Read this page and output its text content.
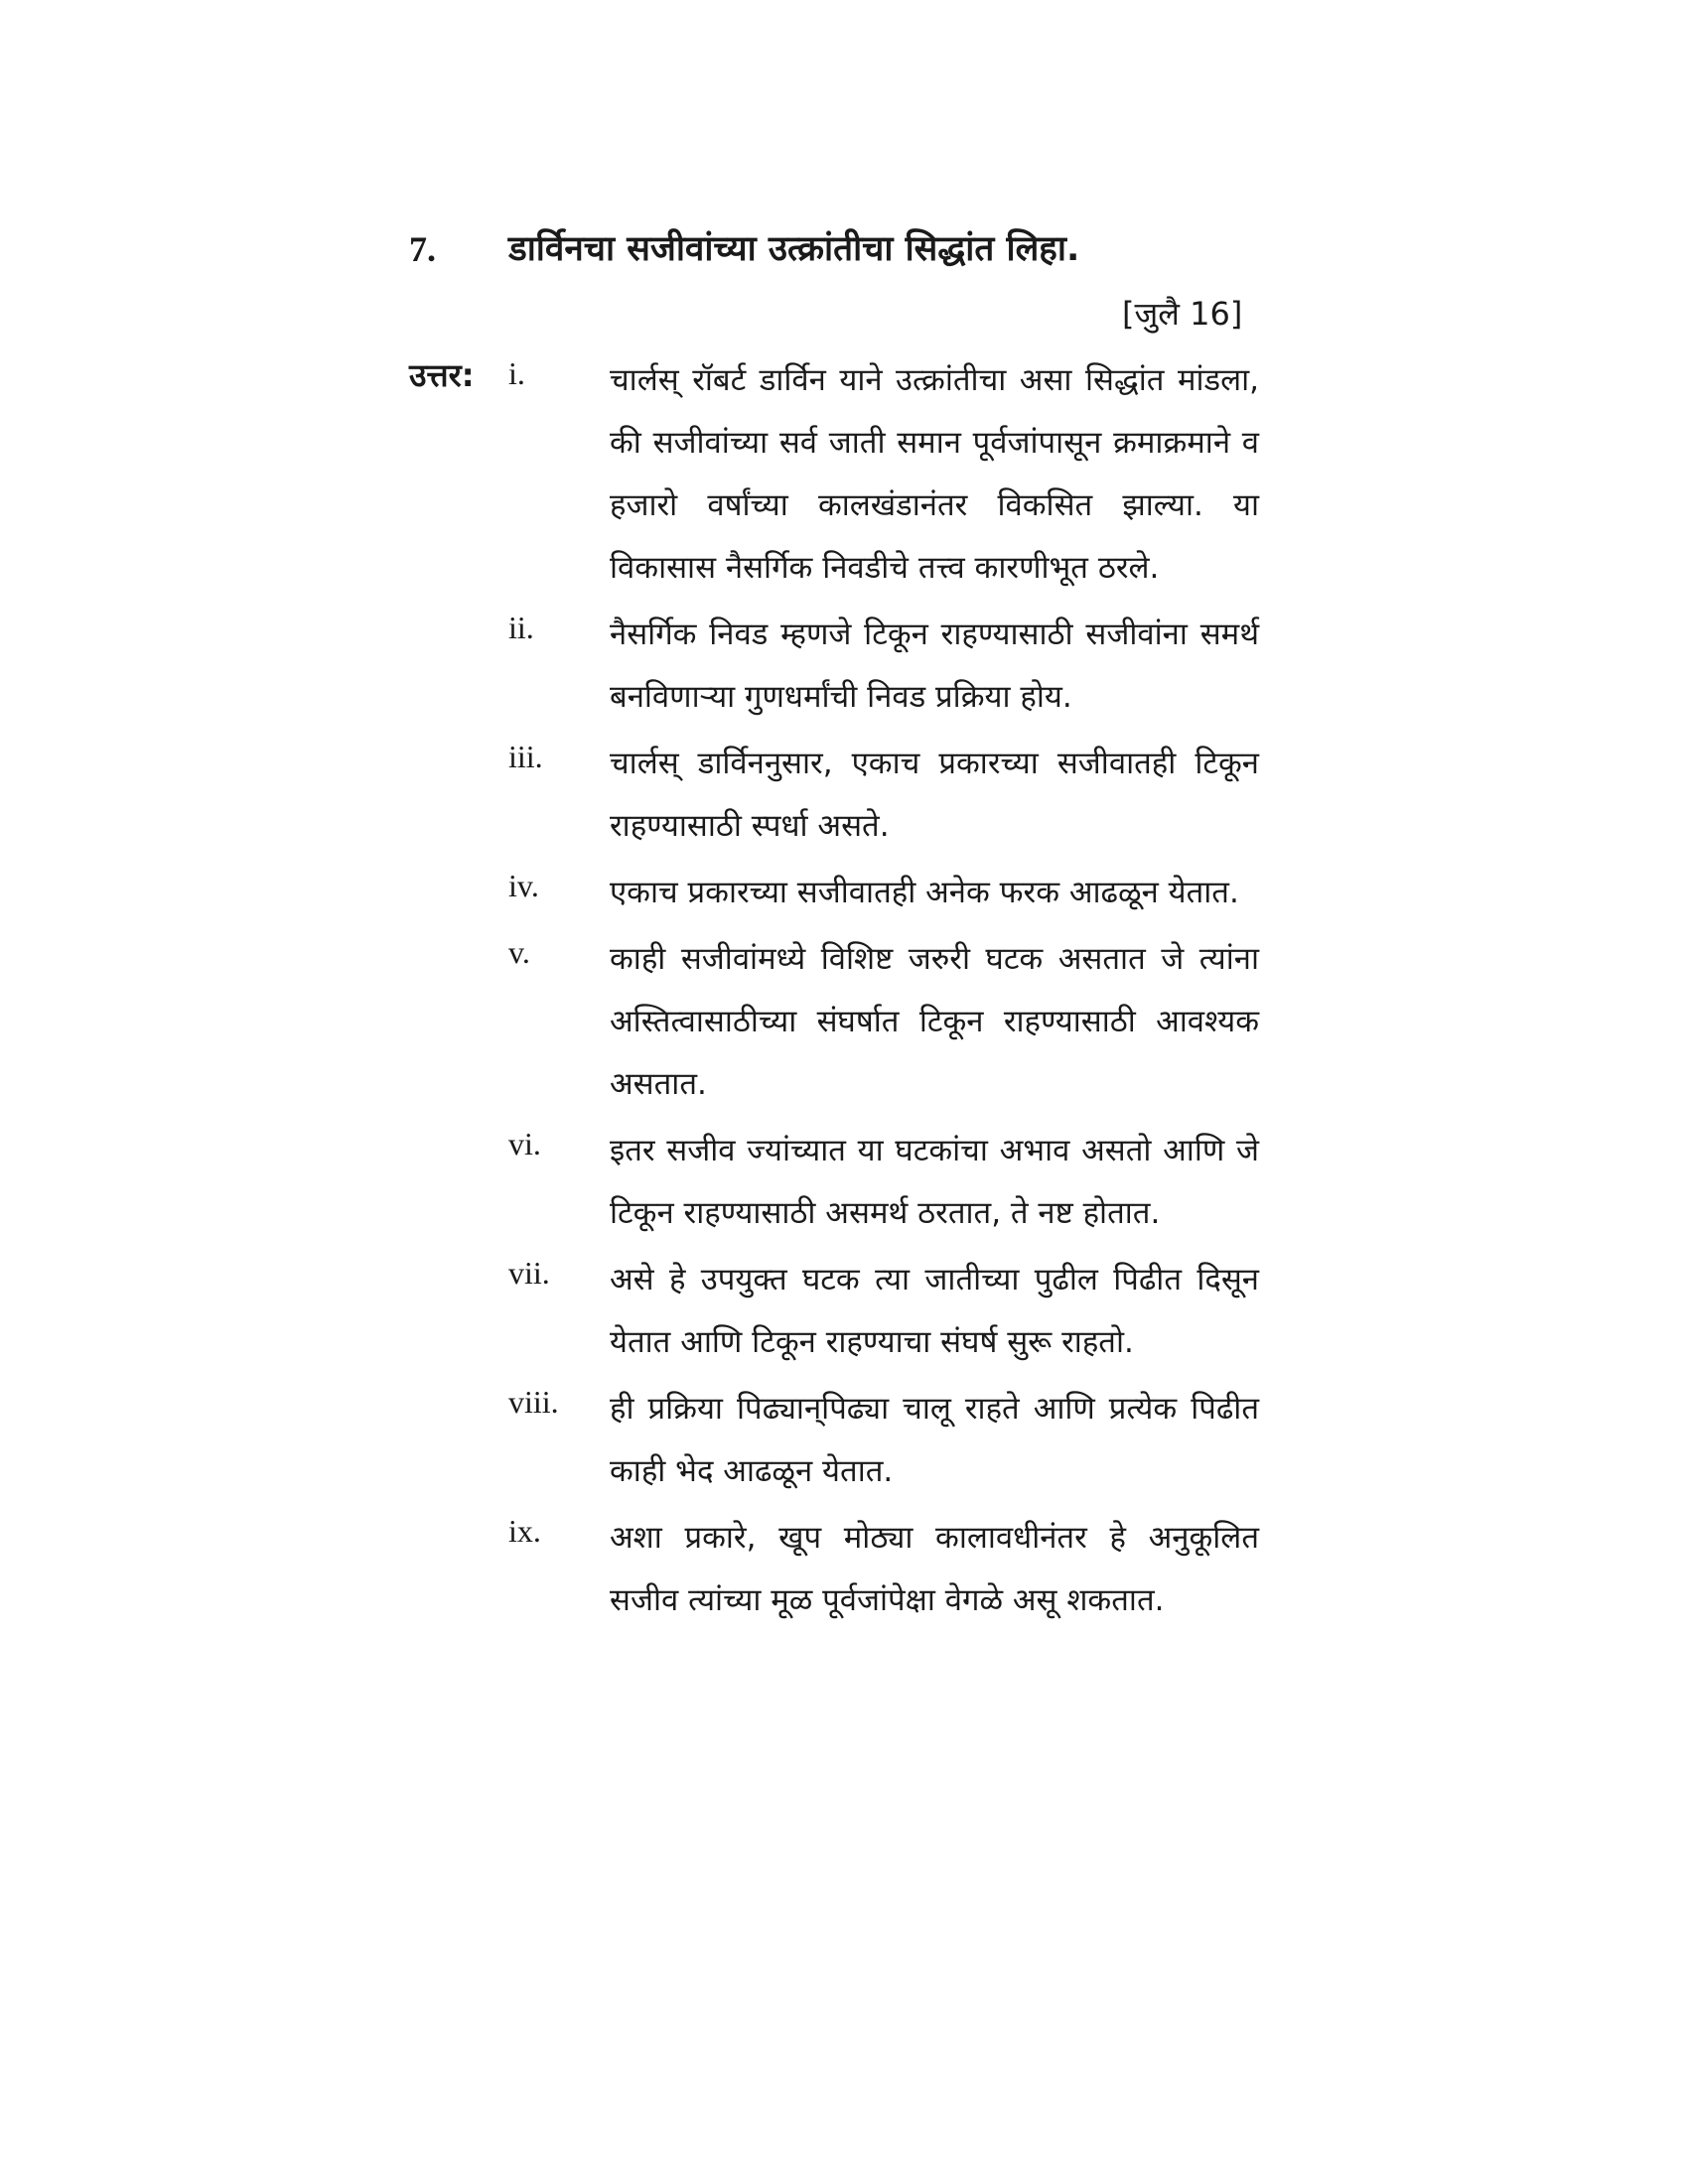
7. डार्विनचा सजीवांच्या उत्क्रांतीचा सिद्धांत लिहा.
[जुलै 16]
उत्तर: i.	चार्लस् रॉबर्ट डार्विन याने उत्क्रांतीचा असा सिद्धांत मांडला, की सजीवांच्या सर्व जाती समान पूर्वजांपासून क्रमाक्रमाने व हजारो वर्षांच्या कालखंडानंतर विकसित झाल्या. या विकासास नैसर्गिक निवडीचे तत्त्व कारणीभूत ठरले.
ii. नैसर्गिक निवड म्हणजे टिकून राहण्यासाठी सजीवांना समर्थ बनविणाऱ्या गुणधर्मांची निवड प्रक्रिया होय.
iii. चार्लस् डार्विननुसार, एकाच प्रकारच्या सजीवातही टिकून राहण्यासाठी स्पर्धा असते.
iv. एकाच प्रकारच्या सजीवातही अनेक फरक आढळून येतात.
v.	काही सजीवांमध्ये विशिष्ट जरुरी घटक असतात जे त्यांना अस्तित्वासाठीच्या संघर्षात टिकून राहण्यासाठी आवश्यक असतात.
vi. इतर सजीव ज्यांच्यात या घटकांचा अभाव असतो आणि जे टिकून राहण्यासाठी असमर्थ ठरतात, ते नष्ट होतात.
vii. असे हे उपयुक्त घटक त्या जातीच्या पुढील पिढीत दिसून येतात आणि टिकून राहण्याचा संघर्ष सुरू राहतो.
viii. ही प्रक्रिया पिढ्यान्‌पिढ्या चालू राहते आणि प्रत्येक पिढीत काही भेद आढळून येतात.
ix. अशा प्रकारे, खूप मोठ्या कालावधीनंतर हे अनुकूलित सजीव त्यांच्या मूळ पूर्वजांपेक्षा वेगळे असू शकतात.
